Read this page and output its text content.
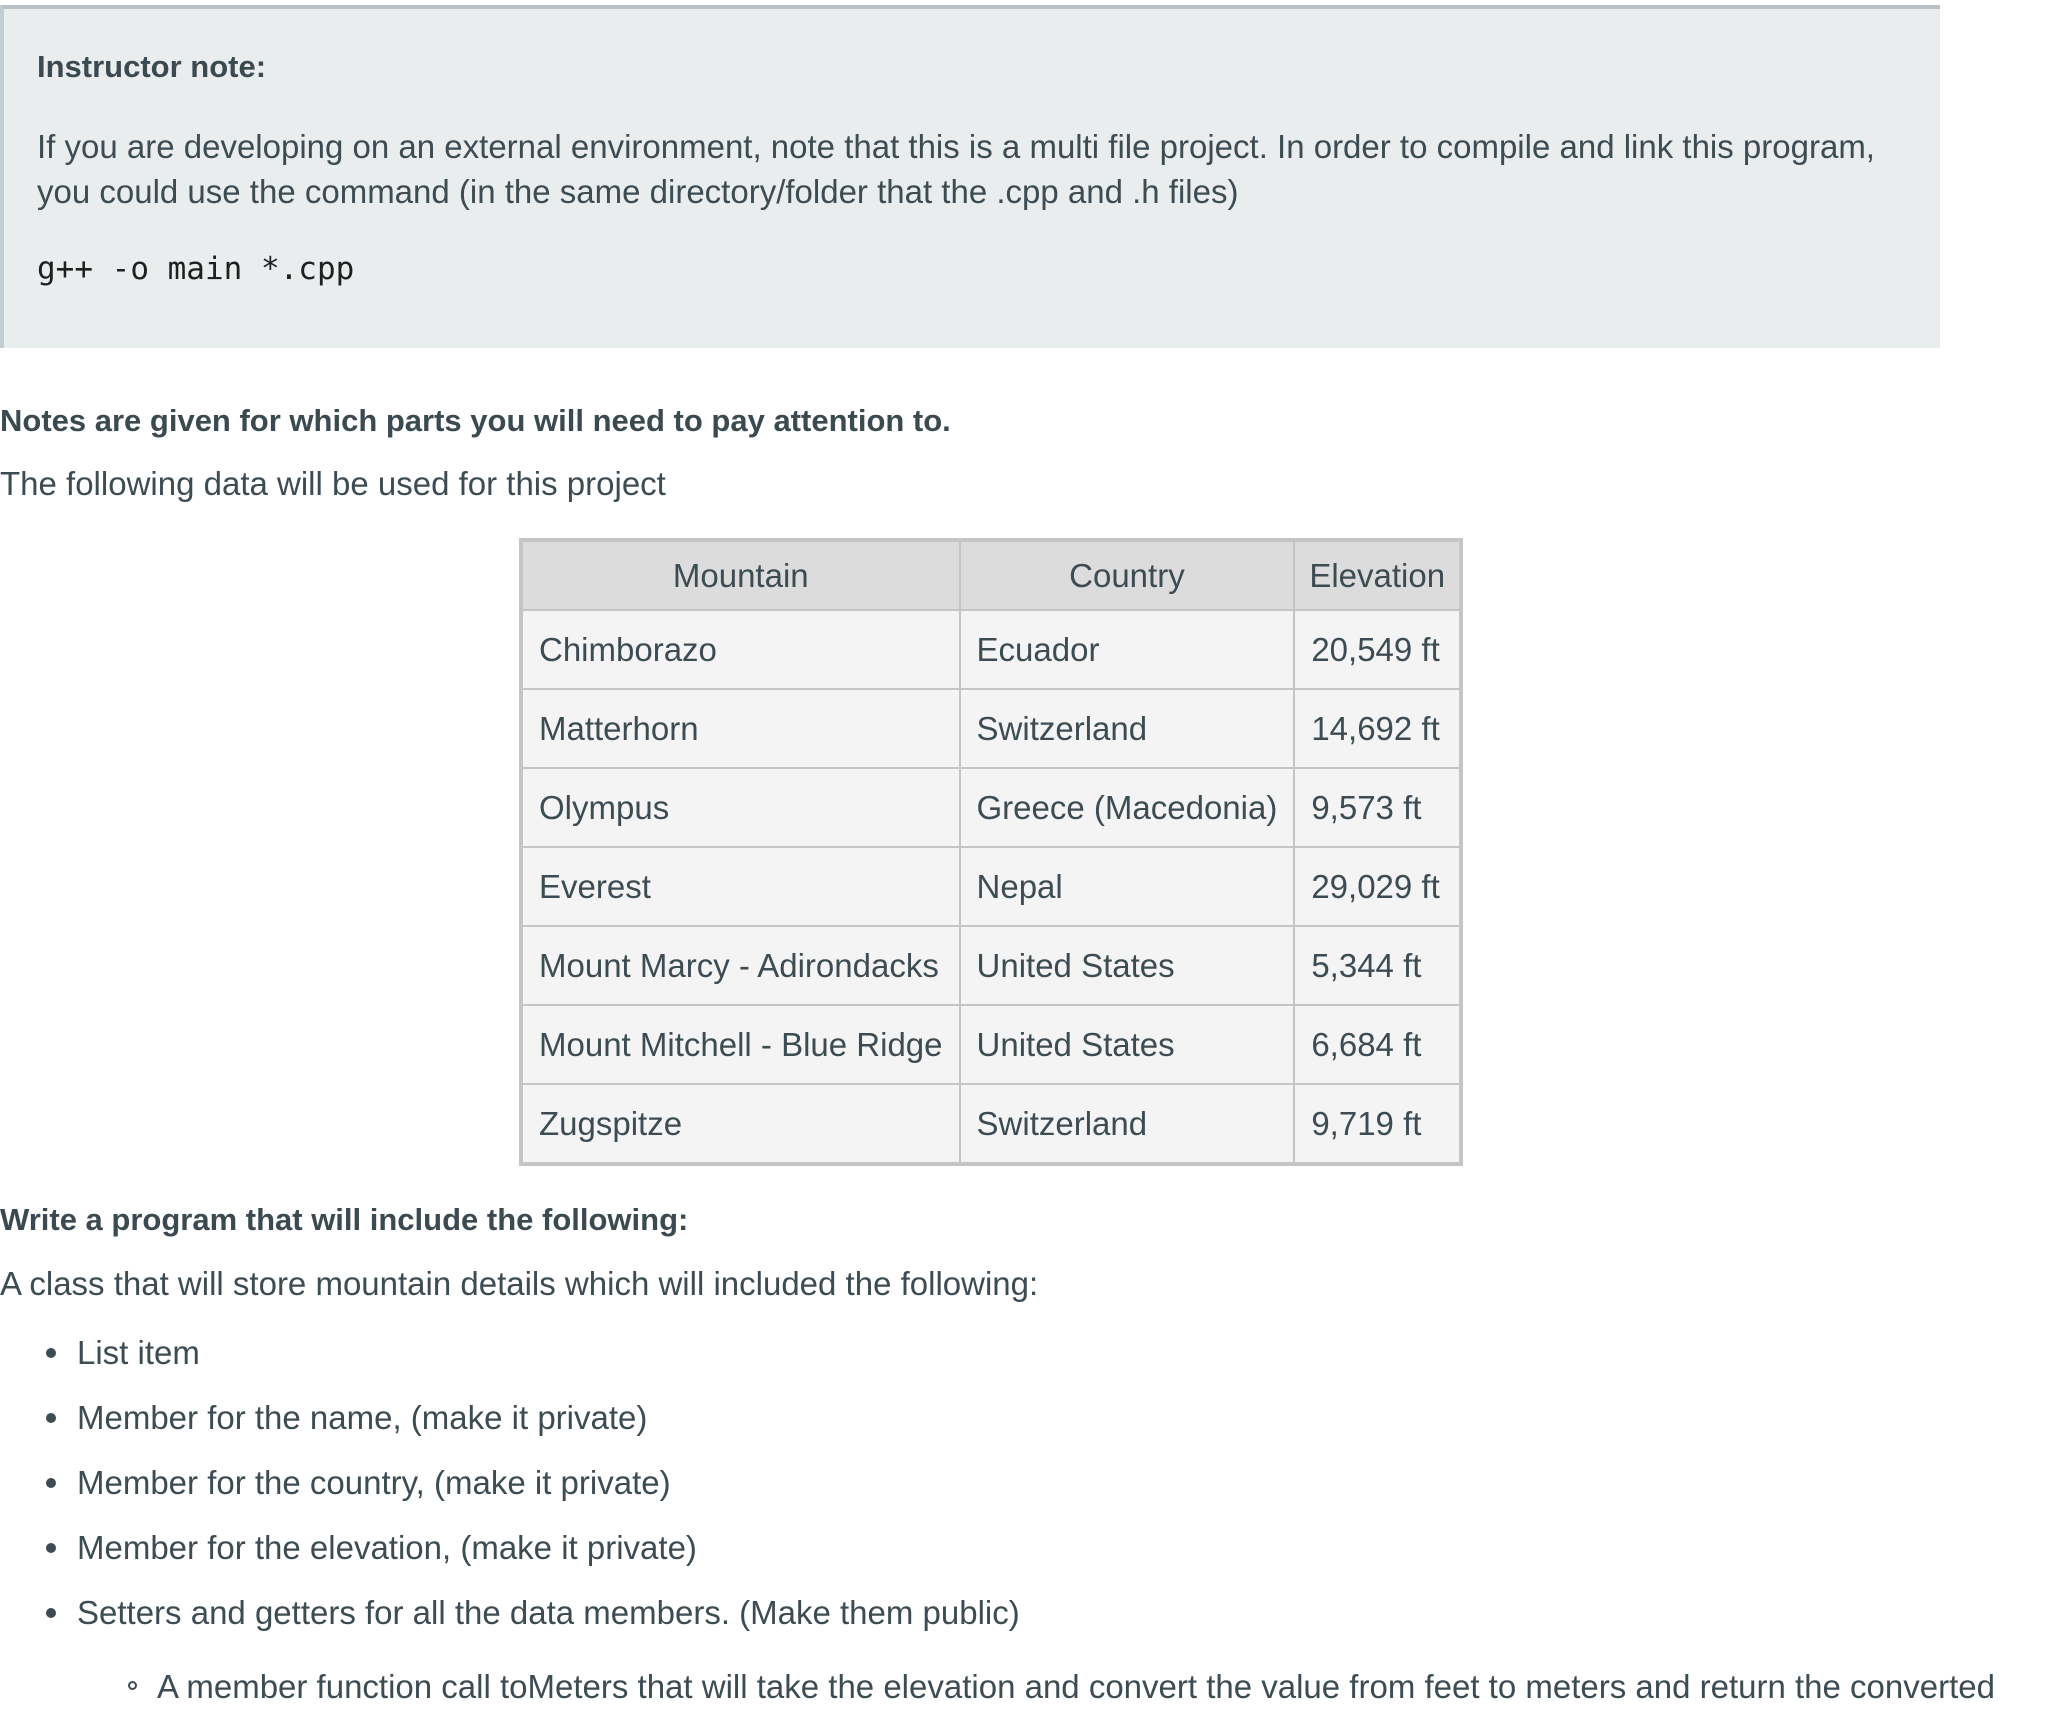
Instructor note:
If you are developing on an external environment, note that this is a multi file project. In order to compile and link this program, you could use the command (in the same directory/folder that the .cpp and .h files)
g++ -o main *.cpp
Notes are given for which parts you will need to pay attention to.
The following data will be used for this project
Mountain	Country	Elevation
Chimborazo	Ecuador	20,549 ft
Matterhorn	Switzerland	14,692 ft
Olympus	Greece (Macedonia)	9,573 ft
Everest	Nepal	29,029 ft
Mount Marcy - Adirondacks	United States	5,344 ft
Mount Mitchell - Blue Ridge	United States	6,684 ft
Zugspitze	Switzerland	9,719 ft
Write a program that will include the following:
A class that will store mountain details which will included the following:
List item
Member for the name, (make it private)
Member for the country, (make it private)
Member for the elevation, (make it private)
Setters and getters for all the data members. (Make them public)
A member function call toMeters that will take the elevation and convert the value from feet to meters and return the converted
